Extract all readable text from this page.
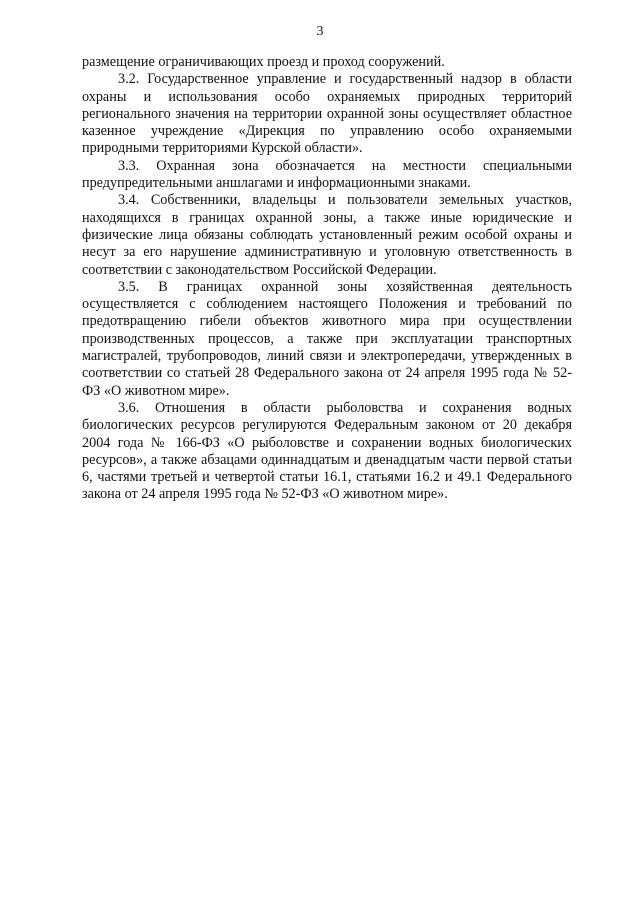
3

размещение ограничивающих проезд и проход сооружений.

3.2. Государственное управление и государственный надзор в области охраны и использования особо охраняемых природных территорий регионального значения на территории охранной зоны осуществляет областное казенное учреждение «Дирекция по управлению особо охраняемыми природными территориями Курской области».

3.3. Охранная зона обозначается на местности специальными предупредительными аншлагами и информационными знаками.

3.4. Собственники, владельцы и пользователи земельных участков, находящихся в границах охранной зоны, а также иные юридические и физические лица обязаны соблюдать установленный режим особой охраны и несут за его нарушение административную и уголовную ответственность в соответствии с законодательством Российской Федерации.

3.5. В границах охранной зоны хозяйственная деятельность осуществляется с соблюдением настоящего Положения и требований по предотвращению гибели объектов животного мира при осуществлении производственных процессов, а также при эксплуатации транспортных магистралей, трубопроводов, линий связи и электропередачи, утвержденных в соответствии со статьей 28 Федерального закона от 24 апреля 1995 года № 52-ФЗ «О животном мире».

3.6. Отношения в области рыболовства и сохранения водных биологических ресурсов регулируются Федеральным законом от 20 декабря 2004 года № 166-ФЗ «О рыболовстве и сохранении водных биологических ресурсов», а также абзацами одиннадцатым и двенадцатым части первой статьи 6, частями третьей и четвертой статьи 16.1, статьями 16.2 и 49.1 Федерального закона от 24 апреля 1995 года № 52-ФЗ «О животном мире».
